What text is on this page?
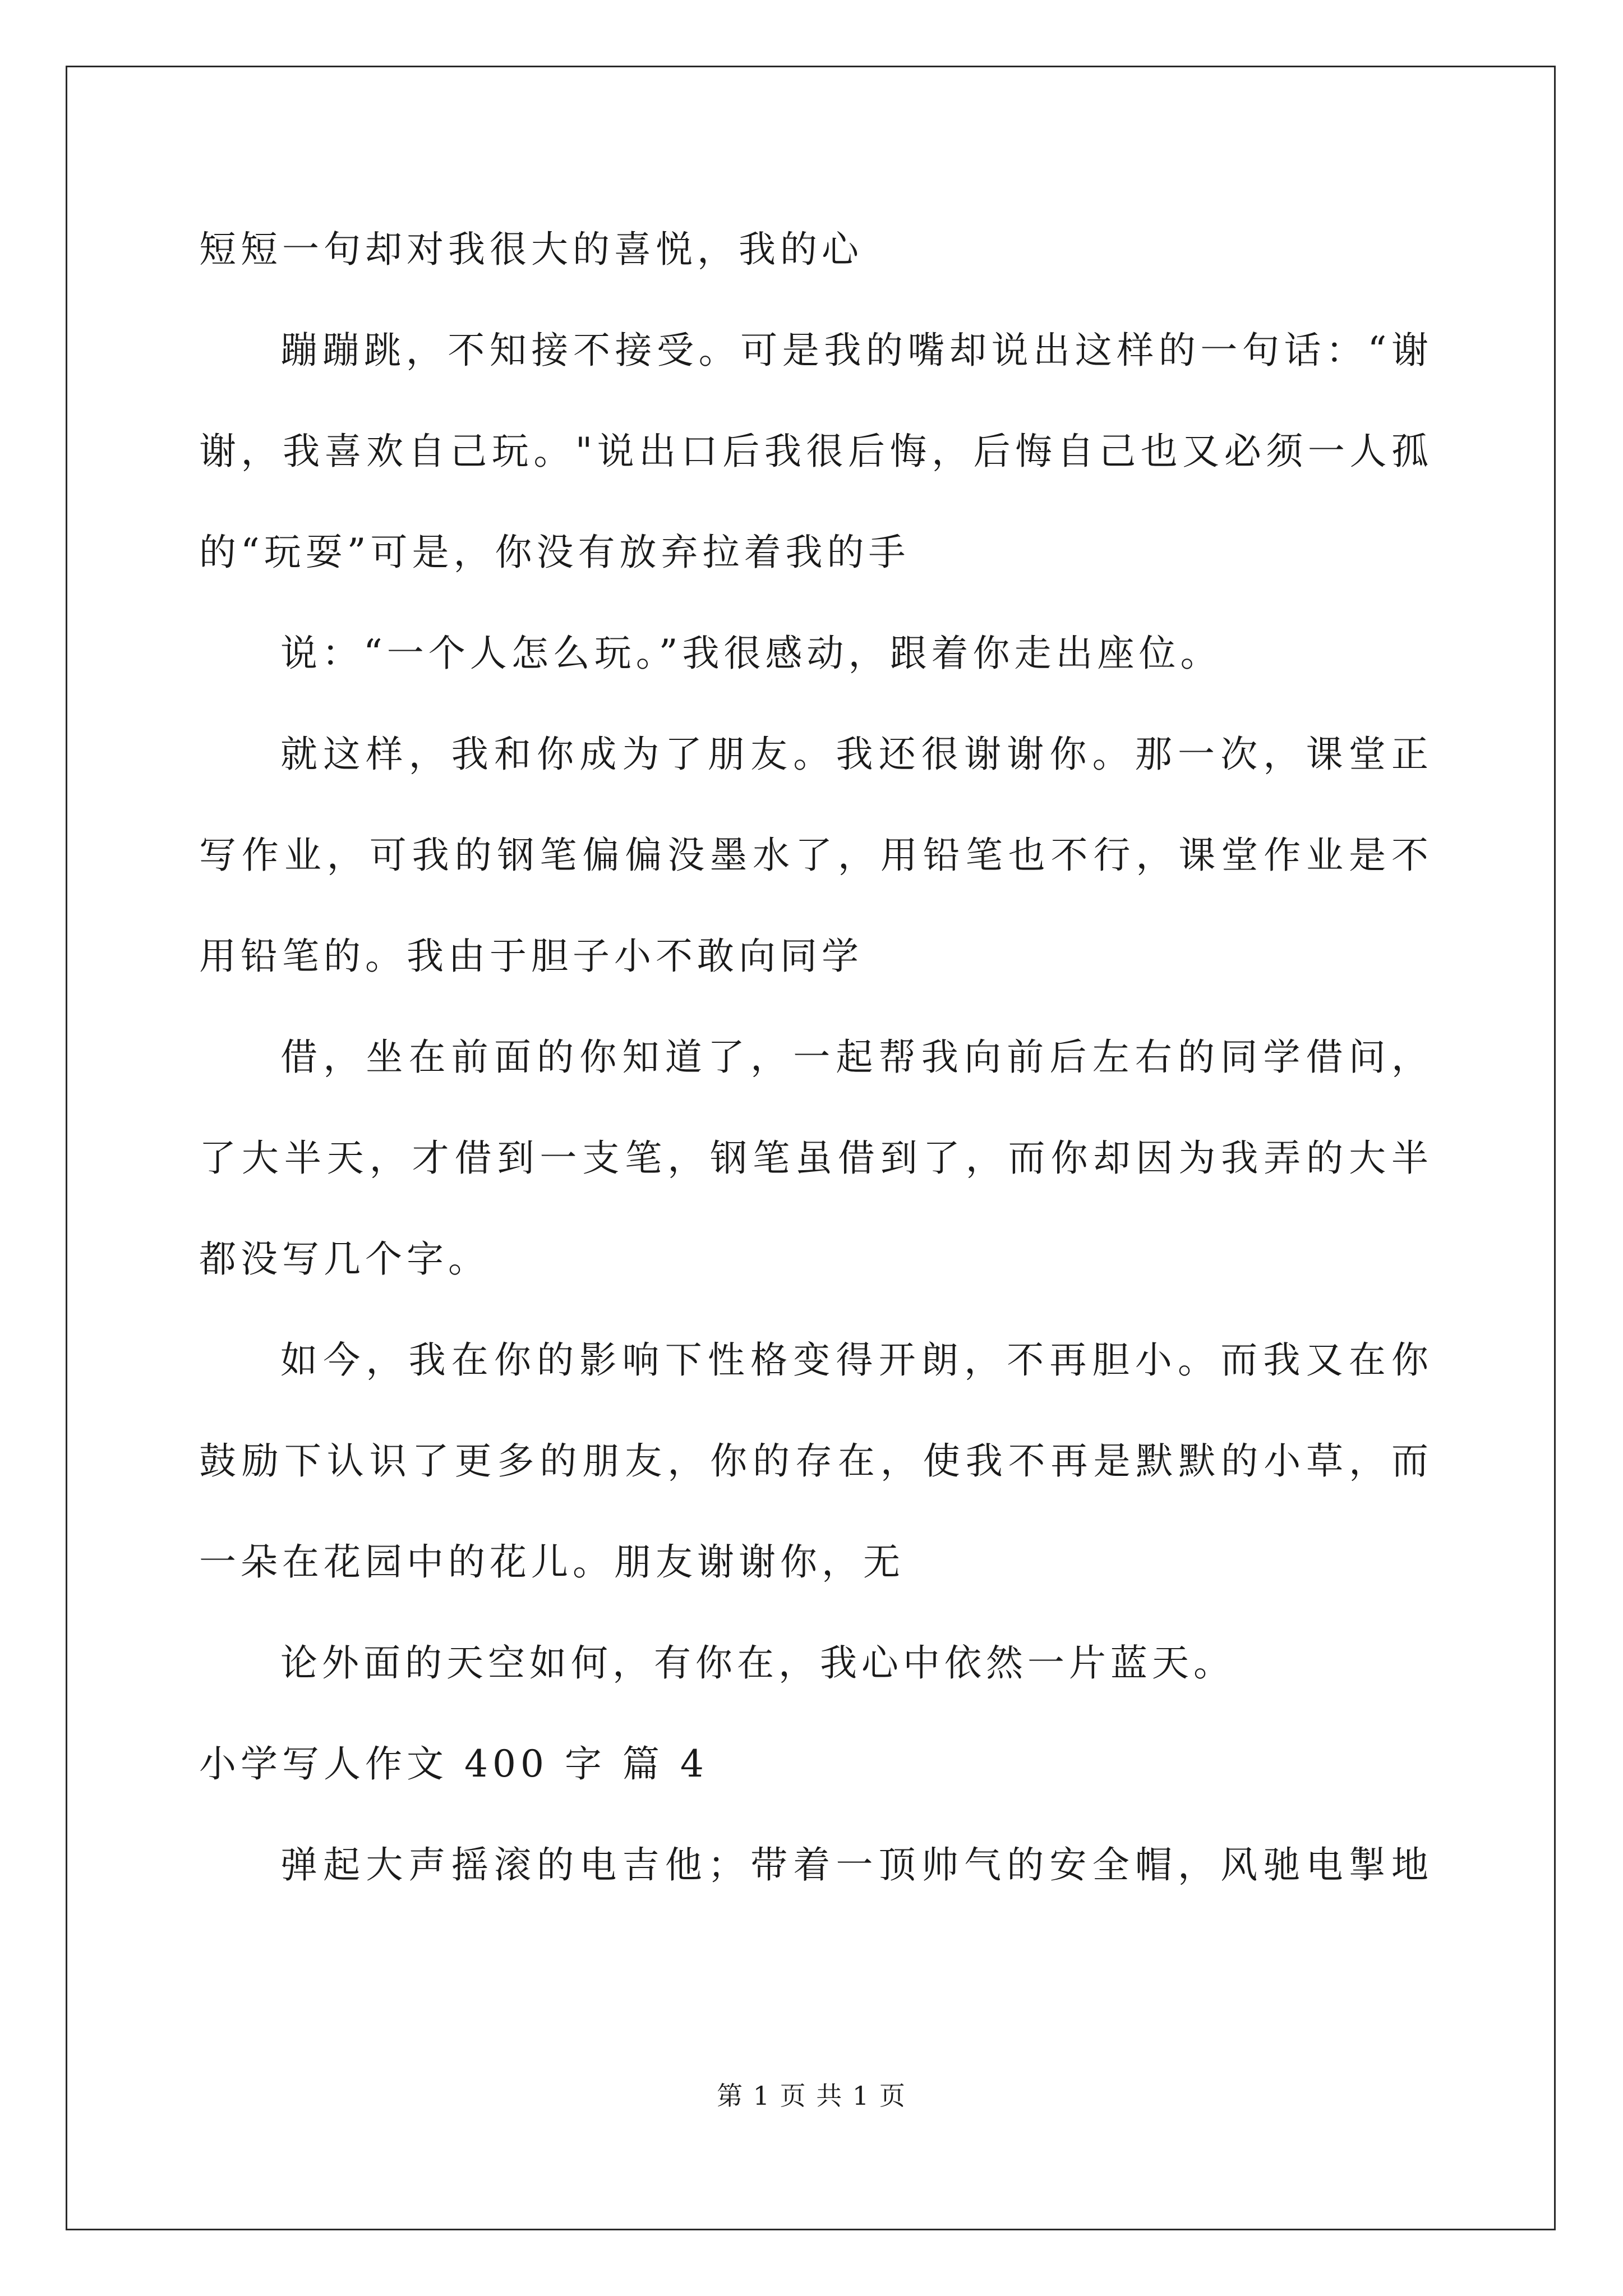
短短一句却对我很大的喜悦，我的心
蹦蹦跳，不知接不接受。可是我的嘴却说出这样的一句话：“谢
谢，我喜欢自己玩。"说出口后我很后悔，后悔自己也又必须一人孤
的“玩耍”可是，你没有放弃拉着我的手
说：“一个人怎么玩。”我很感动，跟着你走出座位。
就这样，我和你成为了朋友。我还很谢谢你。那一次，课堂正
写作业，可我的钢笔偏偏没墨水了，用铅笔也不行，课堂作业是不
用铅笔的。我由于胆子小不敢向同学
借，坐在前面的你知道了，一起帮我向前后左右的同学借问，
了大半天，才借到一支笔，钢笔虽借到了，而你却因为我弄的大半
都没写几个字。
如今，我在你的影响下性格变得开朗，不再胆小。而我又在你
鼓励下认识了更多的朋友，你的存在，使我不再是默默的小草，而
一朵在花园中的花儿。朋友谢谢你，无
论外面的天空如何，有你在，我心中依然一片蓝天。
小学写人作文 400 字 篇 4
弹起大声摇滚的电吉他；带着一顶帅气的安全帽，风驰电掣地
第 1 页 共 1 页
